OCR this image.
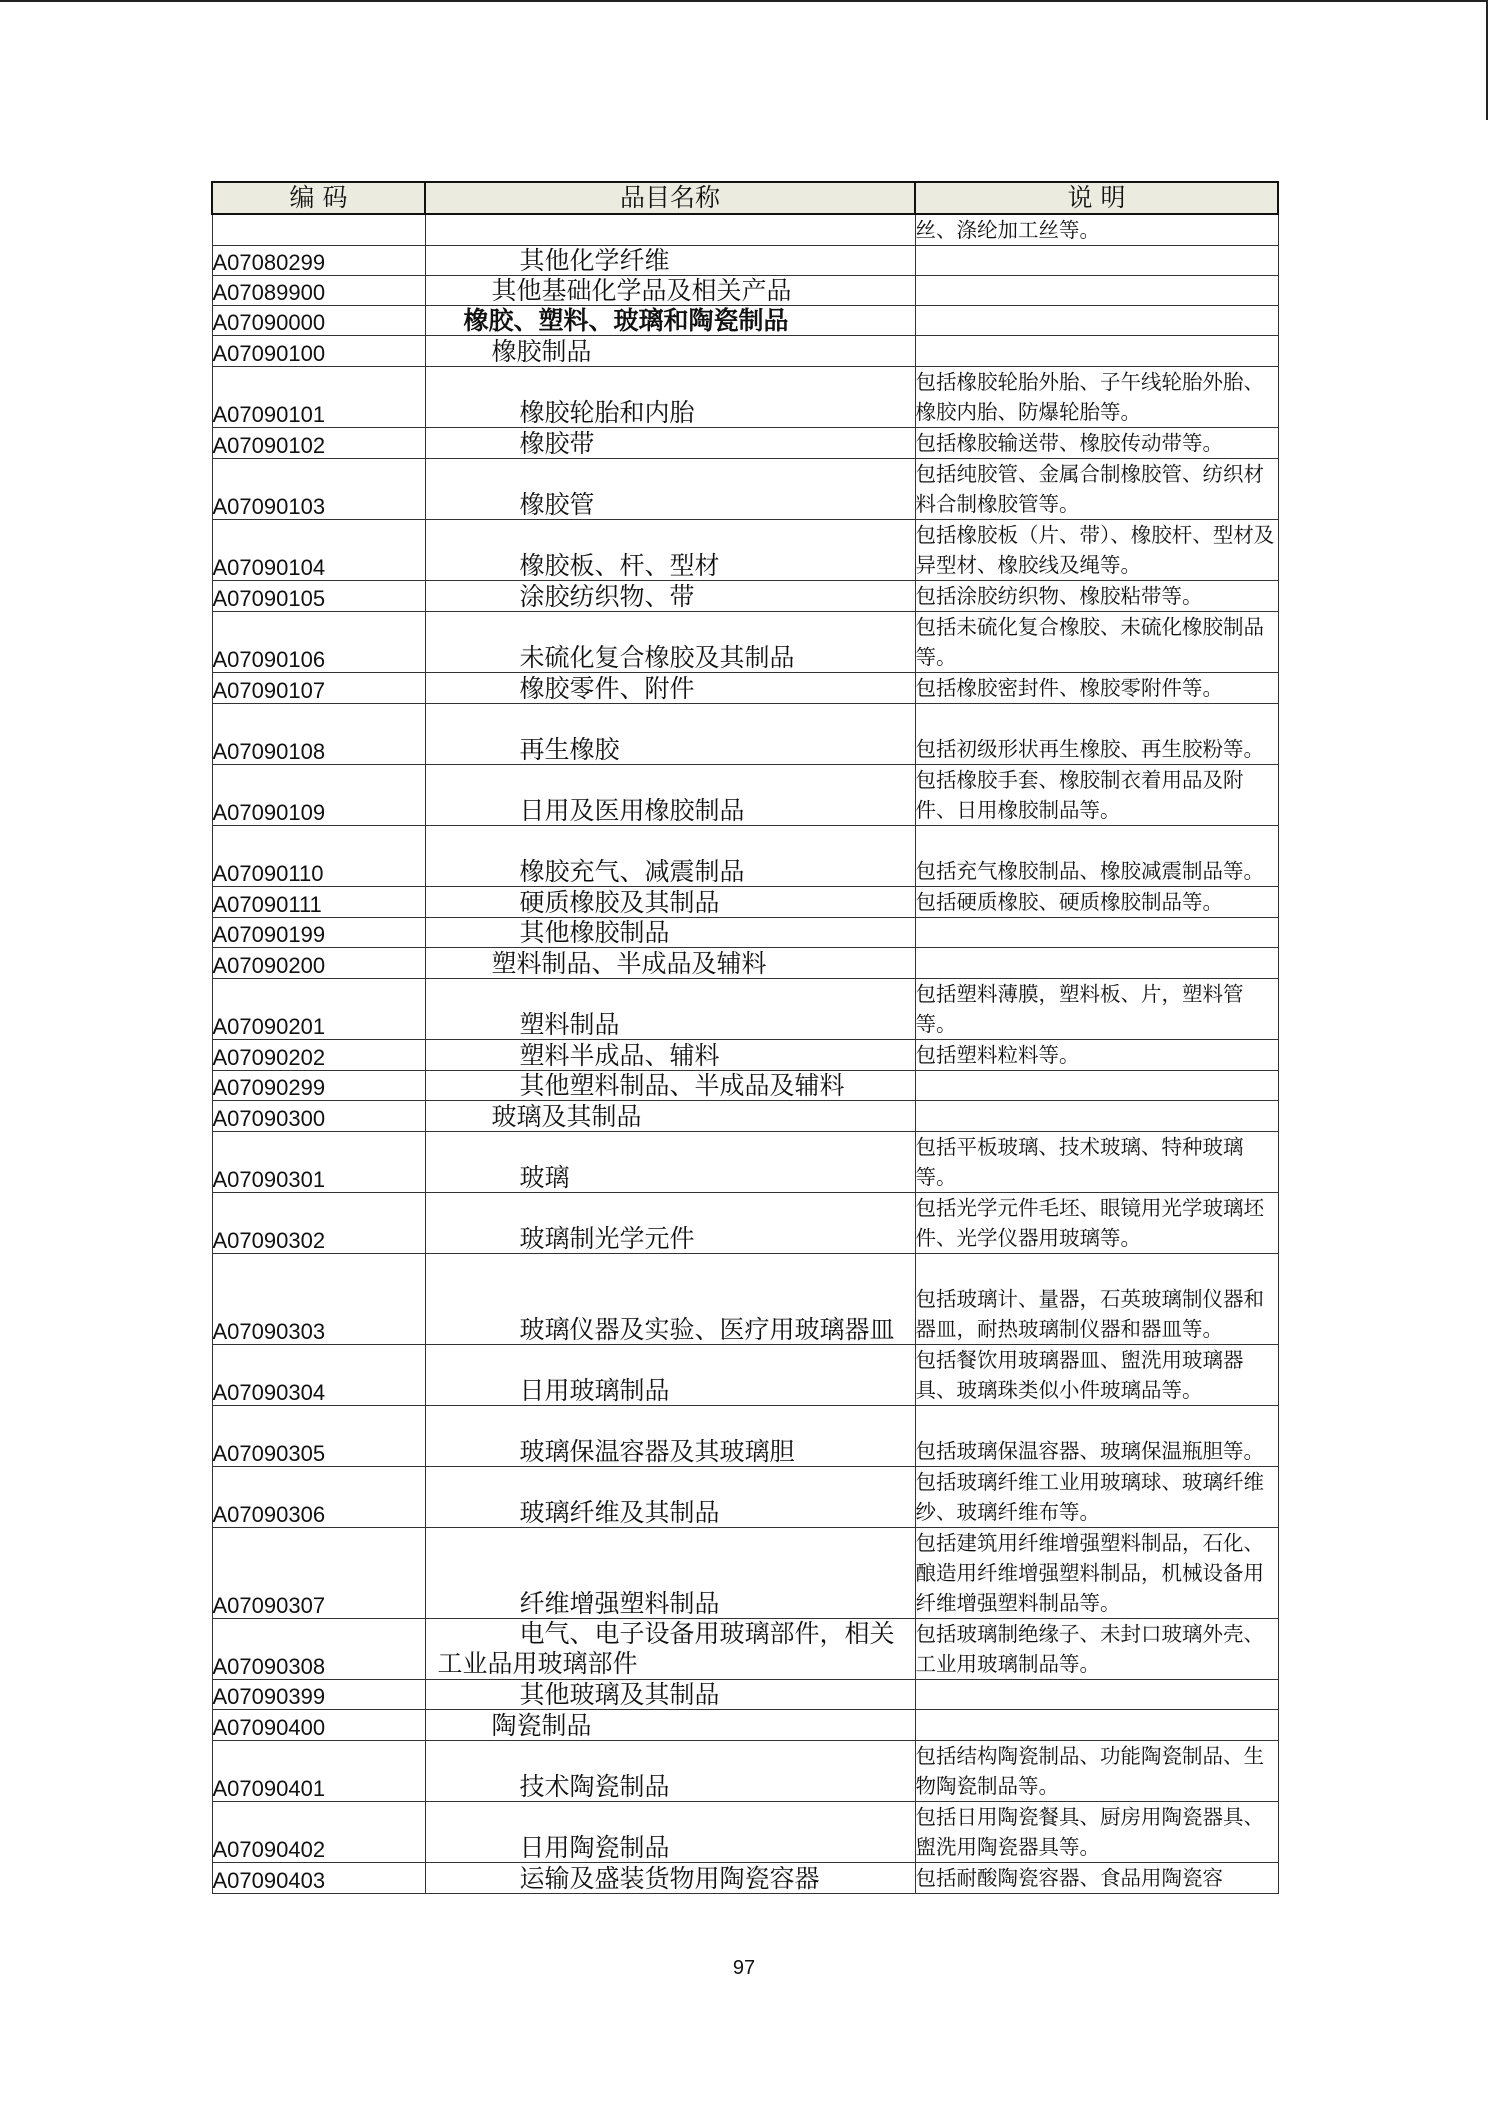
编 码	品目名称	说 明
		丝、涤纶加工丝等。
A07080299	其他化学纤维	
A07089900	其他基础化学品及相关产品	
A07090000	橡胶、塑料、玻璃和陶瓷制品	
A07090100	橡胶制品	
A07090101	橡胶轮胎和内胎	包括橡胶轮胎外胎、子午线轮胎外胎、橡胶内胎、防爆轮胎等。
A07090102	橡胶带	包括橡胶输送带、橡胶传动带等。
A07090103	橡胶管	包括纯胶管、金属合制橡胶管、纺织材料合制橡胶管等。
A07090104	橡胶板、杆、型材	包括橡胶板（片、带）、橡胶杆、型材及异型材、橡胶线及绳等。
A07090105	涂胶纺织物、带	包括涂胶纺织物、橡胶粘带等。
A07090106	未硫化复合橡胶及其制品	包括未硫化复合橡胶、未硫化橡胶制品等。
A07090107	橡胶零件、附件	包括橡胶密封件、橡胶零附件等。
A07090108	再生橡胶	包括初级形状再生橡胶、再生胶粉等。
A07090109	日用及医用橡胶制品	包括橡胶手套、橡胶制衣着用品及附件、日用橡胶制品等。
A07090110	橡胶充气、减震制品	包括充气橡胶制品、橡胶减震制品等。
A07090111	硬质橡胶及其制品	包括硬质橡胶、硬质橡胶制品等。
A07090199	其他橡胶制品	
A07090200	塑料制品、半成品及辅料	
A07090201	塑料制品	包括塑料薄膜，塑料板、片，塑料管等。
A07090202	塑料半成品、辅料	包括塑料粒料等。
A07090299	其他塑料制品、半成品及辅料	
A07090300	玻璃及其制品	
A07090301	玻璃	包括平板玻璃、技术玻璃、特种玻璃等。
A07090302	玻璃制光学元件	包括光学元件毛坯、眼镜用光学玻璃坯件、光学仪器用玻璃等。
A07090303	玻璃仪器及实验、医疗用玻璃器皿	包括玻璃计、量器，石英玻璃制仪器和器皿，耐热玻璃制仪器和器皿等。
A07090304	日用玻璃制品	包括餐饮用玻璃器皿、盥洗用玻璃器具、玻璃珠类似小件玻璃品等。
A07090305	玻璃保温容器及其玻璃胆	包括玻璃保温容器、玻璃保温瓶胆等。
A07090306	玻璃纤维及其制品	包括玻璃纤维工业用玻璃球、玻璃纤维纱、玻璃纤维布等。
A07090307	纤维增强塑料制品	包括建筑用纤维增强塑料制品，石化、酿造用纤维增强塑料制品，机械设备用纤维增强塑料制品等。
A07090308	电气、电子设备用玻璃部件，相关工业品用玻璃部件	包括玻璃制绝缘子、未封口玻璃外壳、工业用玻璃制品等。
A07090399	其他玻璃及其制品	
A07090400	陶瓷制品	
A07090401	技术陶瓷制品	包括结构陶瓷制品、功能陶瓷制品、生物陶瓷制品等。
A07090402	日用陶瓷制品	包括日用陶瓷餐具、厨房用陶瓷器具、盥洗用陶瓷器具等。
A07090403	运输及盛装货物用陶瓷容器	包括耐酸陶瓷容器、食品用陶瓷容
97
